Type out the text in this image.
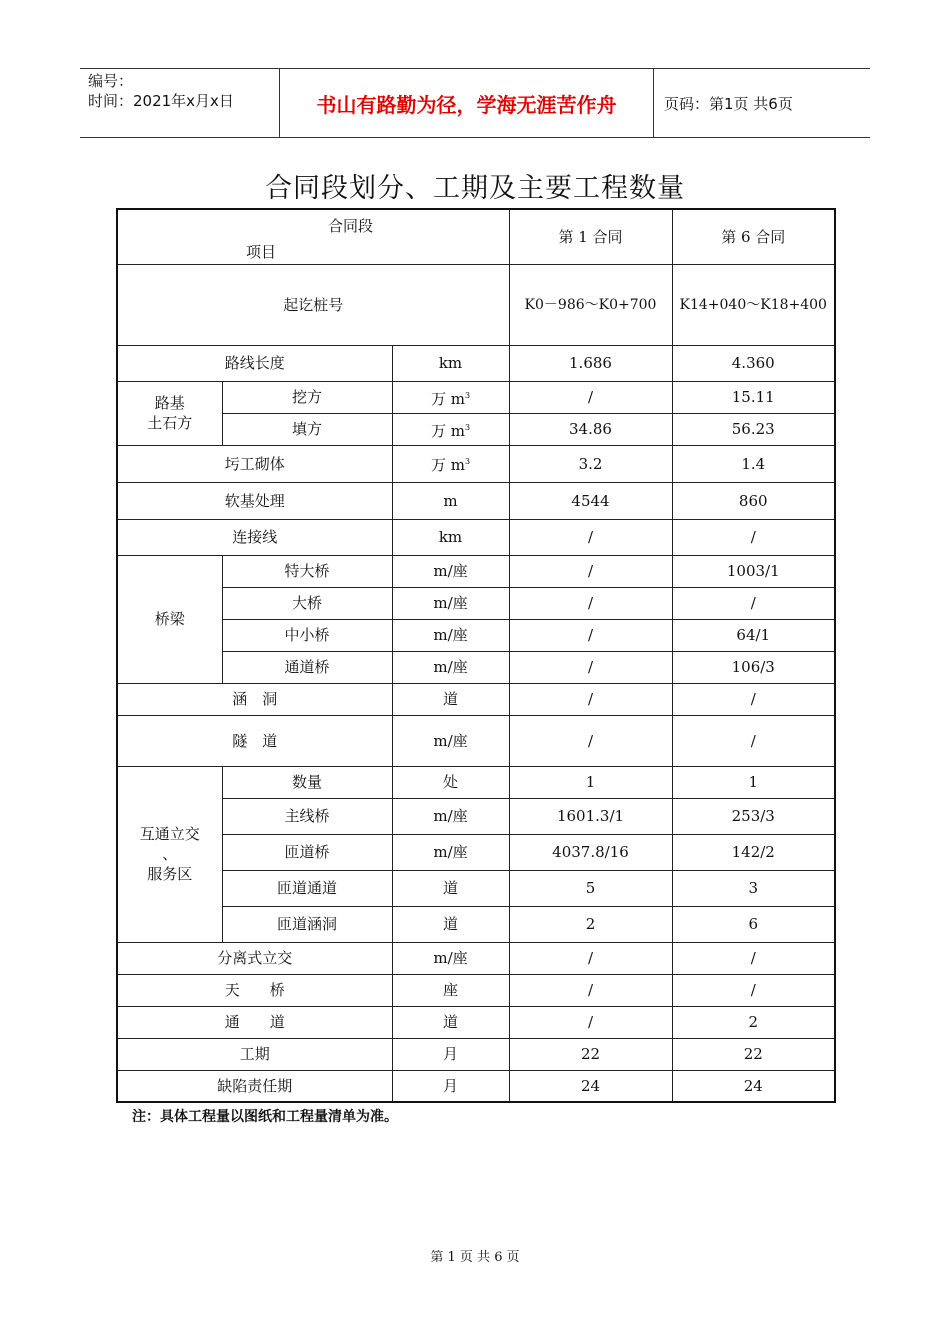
编号：
时间：2021年x月x日	书山有路勤为径，学海无涯苦作舟	页码：第1页 共6页
合同段划分、工期及主要工程数量
合同段
项目			第 1 合同	第 6 合同
起讫桩号			K0－986～K0+700	K14+040～K18+400
路线长度		km	1.686	4.360

路基
土石方	挖方	万 $m^3$	/	15.11
	填方	万 $m^3$	34.86	56.23
圬工砌体		万 $m^3$	3.2	1.4
软基处理		m	4544	860
连接线		km	/	/
桥梁	特大桥	m/座	/	1003/1
	大桥	m/座	/	/
	中小桥	m/座	/	64/1
	通道桥	m/座	/	106/3
涵　洞		道	/	/
隧　道		m/座	/	/

互通立交
、
服务区	数量	处	1	1
	主线桥	m/座	1601.3/1	253/3
	匝道桥	m/座	4037.8/16	142/2
	匝道通道	道	5	3
	匝道涵洞	道	2	6
分离式立交		m/座	/	/
天　　桥		座	/	/
通　　道		道	/	2
工期		月	22	22
缺陷责任期		月	24	24
注：具体工程量以图纸和工程量清单为准。
第 1 页 共 6 页
